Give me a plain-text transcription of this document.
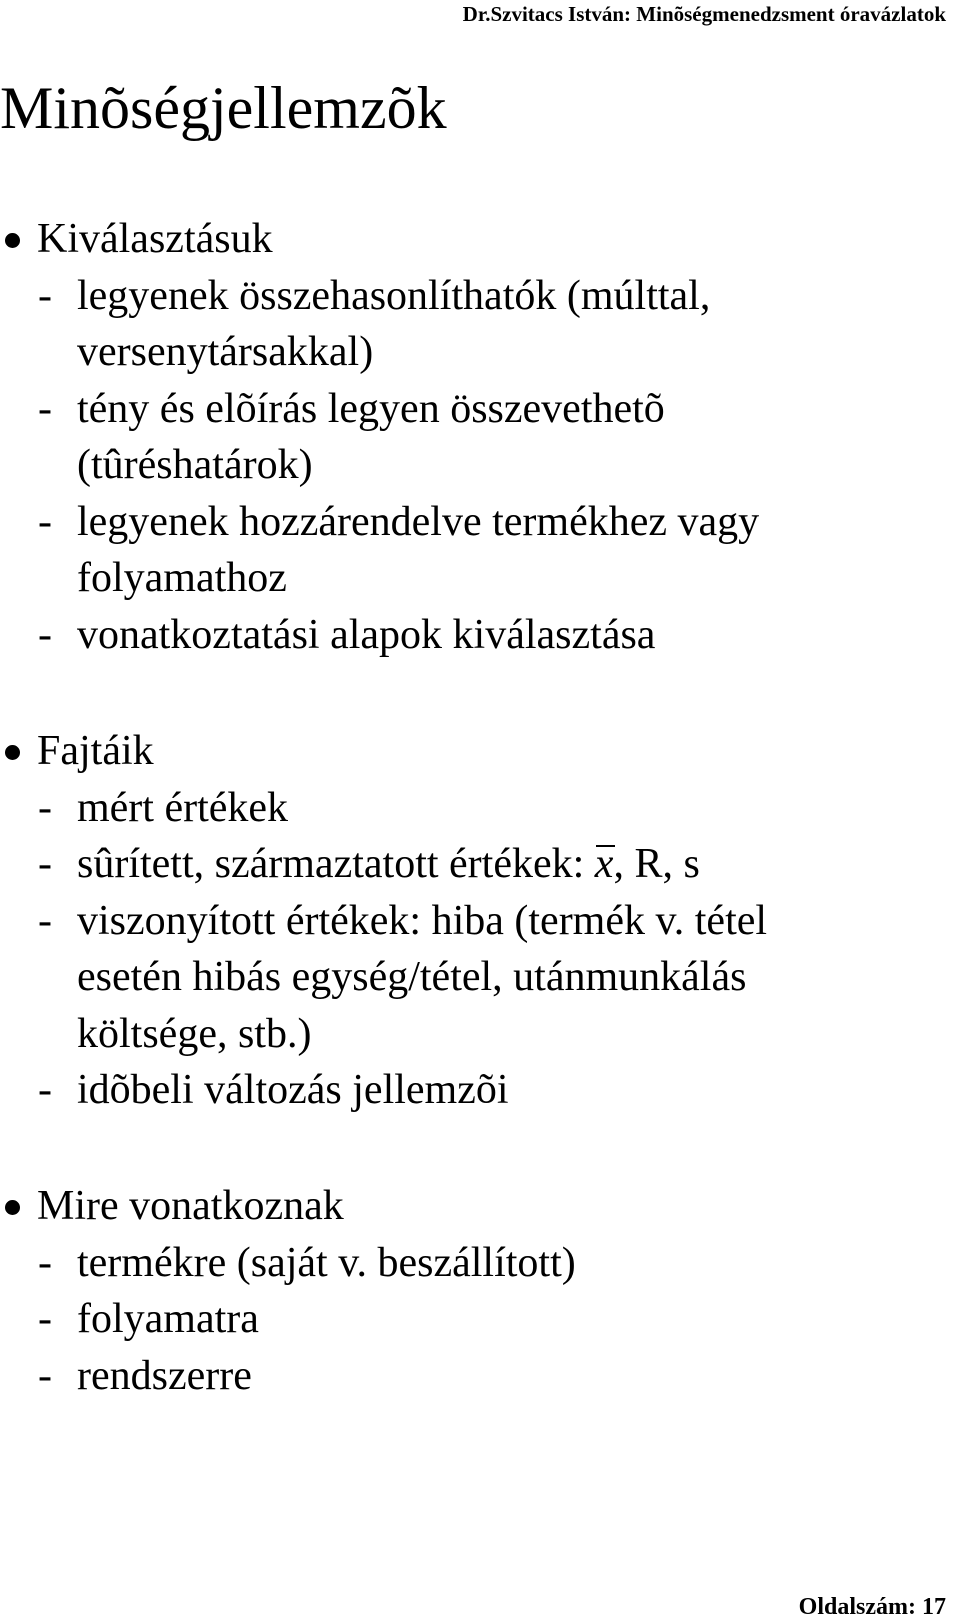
Dr.Szvitacs István: Minõségmenedzsment óravázlatok
Minõségjellemzõk
Kiválasztásuk
- legyenek összehasonlíthatók (múlttal,
versenytársakkal)
- tény és elõírás legyen összevethetõ
(tûréshatárok)
- legyenek hozzárendelve termékhez vagy
folyamathoz
- vonatkoztatási alapok kiválasztása
Fajtáik
- mért értékek
- sûrített, származtatott értékek: x, R, s
- viszonyított értékek: hiba (termék v. tétel
esetén hibás egység/tétel, utánmunkálás
költsége, stb.)
- idõbeli változás jellemzõi
Mire vonatkoznak
- termékre (saját v. beszállított)
- folyamatra
- rendszerre
Oldalszám: 17
